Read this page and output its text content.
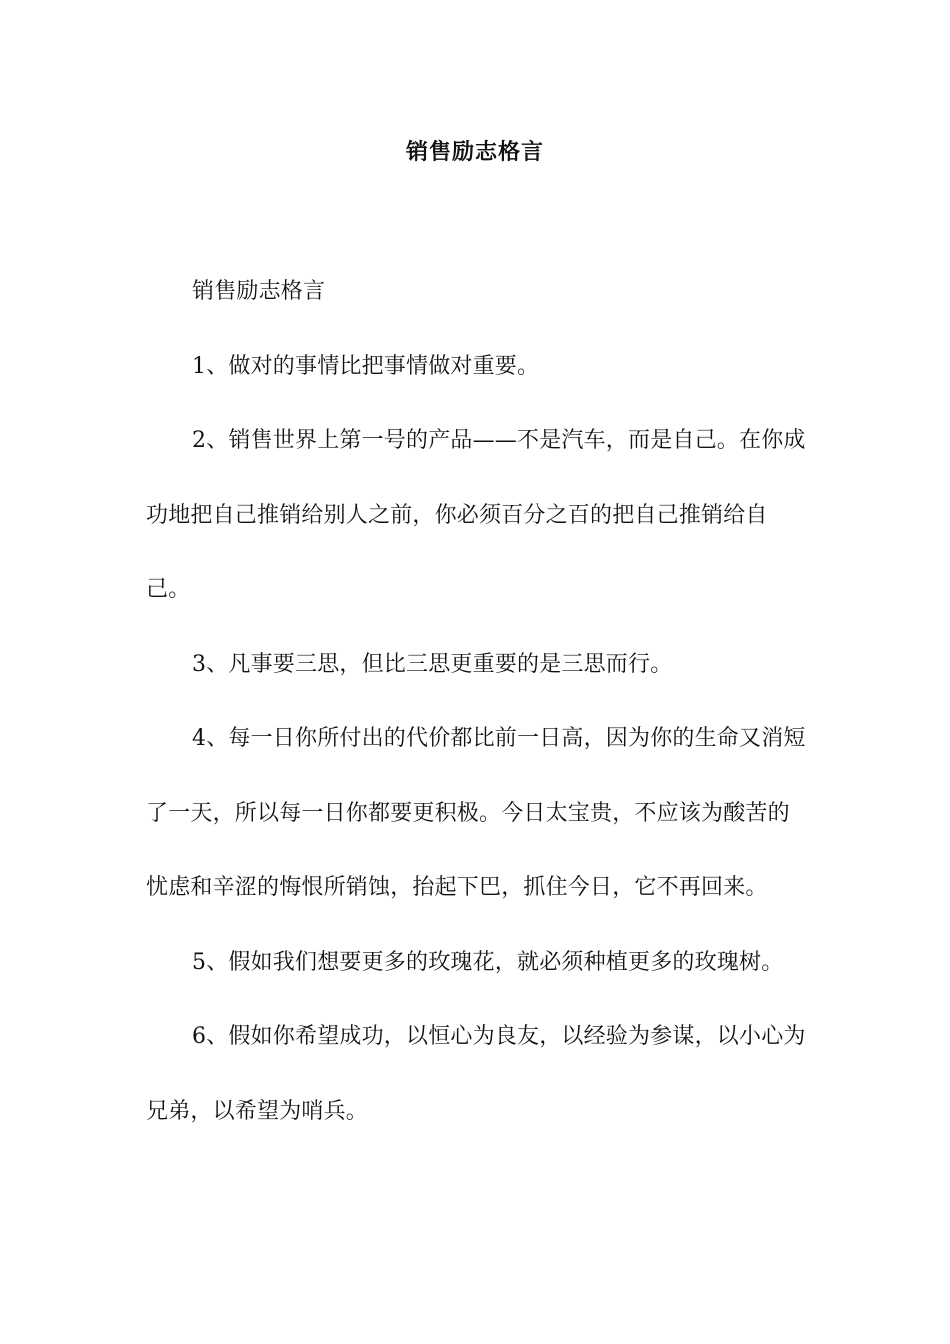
销售励志格言

销售励志格言

1、做对的事情比把事情做对重要。

2、销售世界上第一号的产品——不是汽车，而是自己。在你成功地把自己推销给别人之前，你必须百分之百的把自己推销给自己。

3、凡事要三思，但比三思更重要的是三思而行。

4、每一日你所付出的代价都比前一日高，因为你的生命又消短了一天，所以每一日你都要更积极。今日太宝贵，不应该为酸苦的忧虑和辛涩的悔恨所销蚀，抬起下巴，抓住今日，它不再回来。

5、假如我们想要更多的玫瑰花，就必须种植更多的玫瑰树。

6、假如你希望成功，以恒心为良友，以经验为参谋，以小心为兄弟，以希望为哨兵。
